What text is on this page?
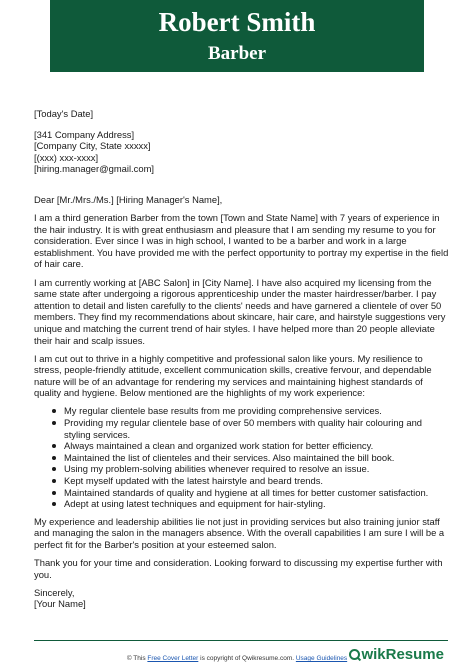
Robert Smith
Barber
[Today's Date]
[341 Company Address]
[Company City, State xxxxx]
[(xxx) xxx-xxxx]
[hiring.manager@gmail.com]

Dear [Mr./Mrs./Ms.] [Hiring Manager's Name],

I am a third generation Barber from the town [Town and State Name] with 7 years of experience in the hair industry. It is with great enthusiasm and pleasure that I am sending my resume to you for consideration. Ever since I was in high school, I wanted to be a barber and work in a large establishment. You have provided me with the perfect opportunity to portray my expertise in the field of hair care.

I am currently working at [ABC Salon] in [City Name]. I have also acquired my licensing from the same state after undergoing a rigorous apprenticeship under the master hairdresser/barber. I pay attention to detail and listen carefully to the clients' needs and have garnered a clientele of over 50 members. They find my recommendations about skincare, hair care, and hairstyle suggestions very unique and matching the current trend of hair styles. I have helped more than 20 people alleviate their hair and scalp issues.

I am cut out to thrive in a highly competitive and professional salon like yours. My resilience to stress, people-friendly attitude, excellent communication skills, creative fervour, and dependable nature will be of an advantage for rendering my services and maintaining highest standards of quality and hygiene. Below mentioned are the highlights of my work experience:

My regular clientele base results from me providing comprehensive services.
Providing my regular clientele base of over 50 members with quality hair colouring and styling services.
Always maintained a clean and organized work station for better efficiency.
Maintained the list of clienteles and their services. Also maintained the bill book.
Using my problem-solving abilities whenever required to resolve an issue.
Kept myself updated with the latest hairstyle and beard trends.
Maintained standards of quality and hygiene at all times for better customer satisfaction.
Adept at using latest techniques and equipment for hair-styling.

My experience and leadership abilities lie not just in providing services but also training junior staff and managing the salon in the managers absence. With the overall capabilities I am sure I will be a perfect fit for the Barber's position at your esteemed salon.

Thank you for your time and consideration. Looking forward to discussing my expertise further with you.

Sincerely,
[Your Name]
© This Free Cover Letter is copyright of Qwikresume.com. Usage Guidelines wikResume
